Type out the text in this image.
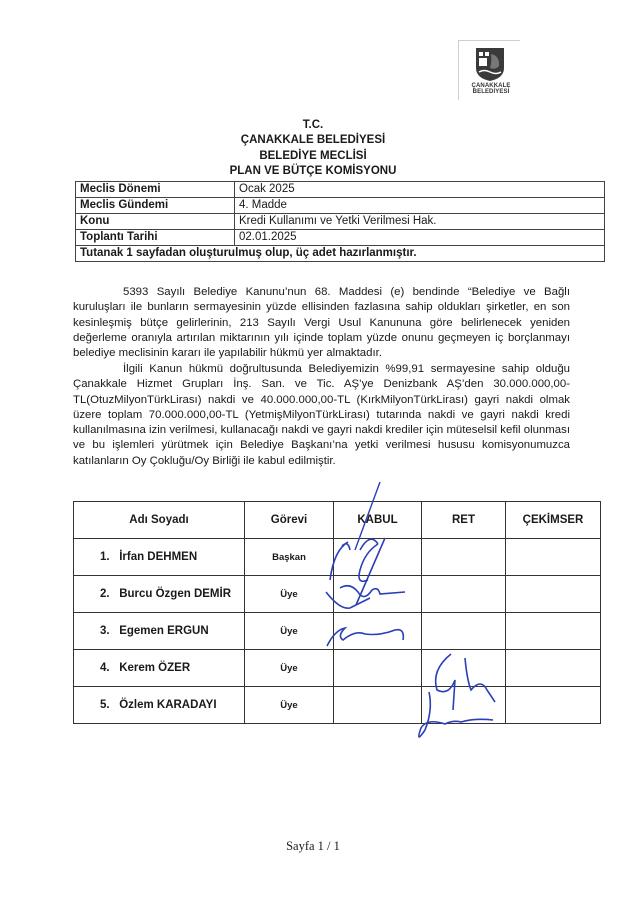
ÇANAKKALE
BELEDİYESİ
T.C.
ÇANAKKALE BELEDİYESİ
BELEDİYE MECLİSİ
PLAN VE BÜTÇE KOMİSYONU
Meclis Dönemi	Ocak 2025
Meclis Gündemi	4. Madde
Konu	Kredi Kullanımı ve Yetki Verilmesi Hak.
Toplantı Tarihi	02.01.2025
Tutanak 1 sayfadan oluşturulmuş olup, üç adet hazırlanmıştır.	

5393 Sayılı Belediye Kanunu’nun 68. Maddesi (e) bendinde “Belediye ve Bağlı kuruluşları ile bunların sermayesinin yüzde ellisinden fazlasına sahip oldukları şirketler, en son kesinleşmiş bütçe gelirlerinin, 213 Sayılı Vergi Usul Kanununa göre belirlenecek yeniden değerleme oranıyla artırılan miktarının yılı içinde toplam yüzde onunu geçmeyen iç borçlanmayı belediye meclisinin kararı ile yapılabilir hükmü yer almaktadır.

İlgili Kanun hükmü doğrultusunda Belediyemizin %99,91 sermayesine sahip olduğu Çanakkale Hizmet Grupları İnş. San. ve Tic. AŞ’ye Denizbank AŞ’den 30.000.000,00-TL(OtuzMilyonTürkLirası) nakdi ve 40.000.000,00-TL (KırkMilyonTürkLirası) gayri nakdi olmak üzere toplam 70.000.000,00-TL (YetmişMilyonTürkLirası) tutarında nakdi ve gayri nakdi kredi kullanılmasına izin verilmesi, kullanacağı nakdi ve gayri nakdi krediler için müteselsil kefil olunması ve bu işlemleri yürütmek için Belediye Başkanı’na yetki verilmesi hususu komisyonumuzca katılanların Oy Çokluğu/Oy Birliği ile kabul edilmiştir.

Adı Soyadı	Görevi	KABUL	RET	ÇEKİMSER
1. İrfan DEHMEN	Başkan			
2. Burcu Özgen DEMİR	Üye			
3. Egemen ERGUN	Üye			
4. Kerem ÖZER	Üye			
5. Özlem KARADAYI	Üye			
Sayfa 1 / 1
